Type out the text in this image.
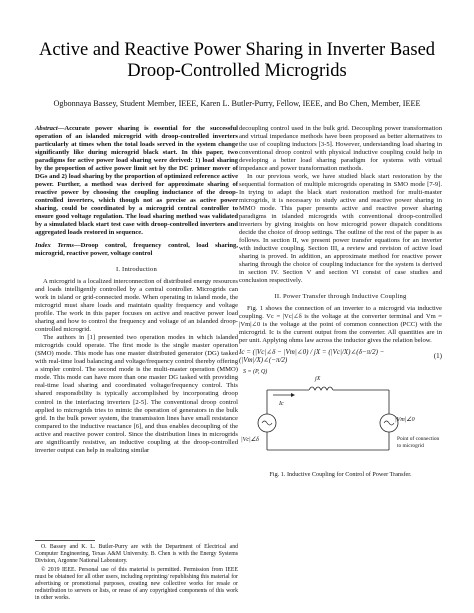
Active and Reactive Power Sharing in Inverter Based
Droop-Controlled Microgrids
Ogbonnaya Bassey, Student Member, IEEE, Karen L. Butler-Purry, Fellow, IEEE, and Bo Chen, Member, IEEE

Abstract—Accurate power sharing is essential for the successful operation of an islanded microgrid with droop-controlled inverters particularly at times when the total loads served in the system change significantly like during microgrid black start. In this paper, two paradigms for active power load sharing were derived: 1) load sharing by the proportion of active power limit set by the DC primer mover of DGs and 2) load sharing by the proportion of optimized reference active power. Further, a method was derived for approximate sharing of reactive power by choosing the coupling inductance of the droop-controlled inverters, which though not as precise as active power sharing, could be coordinated by a microgrid central controller to ensure good voltage regulation. The load sharing method was validated by a simulated black start test case with droop-controlled inverters and aggregated loads restored in sequence.

Index Terms—Droop control, frequency control, load sharing, microgrid, reactive power, voltage control

I. Introduction

A microgrid is a localized interconnection of distributed energy resources and loads intelligently controlled by a central controller. Microgrids can work in island or grid-connected mode. When operating in island mode, the microgrid must share loads and maintain quality frequency and voltage profile. The work in this paper focuses on active and reactive power load sharing and how to control the frequency and voltage of an islanded droop-controlled microgrid.

The authors in [1] presented two operation modes in which islanded microgrids could operate. The first mode is the single master operation (SMO) mode. This mode has one master distributed generator (DG) tasked with real-time load balancing and voltage/frequency control thereby offering a simpler control. The second mode is the multi-master operation (MMO) mode. This mode can have more than one master DG tasked with providing real-time load sharing and coordinated voltage/frequency control. This shared responsibility is typically accomplished by incorporating droop control in the interfacing inverters [2-5]. The conventional droop control applied to microgrids tries to mimic the operation of generators in the bulk grid. In the bulk power system, the transmission lines have small resistance compared to the inductive reactance [6], and thus enables decoupling of the active and reactive power control. Since the distribution lines in microgrids are significantly resistive, an inductive coupling at the droop-controlled inverter output can help in realizing similar

O. Bassey and K. L. Butler-Purry are with the Department of Electrical and Computer Engineering, Texas A&M University. B. Chen is with the Energy Systems Division, Argonne National Laboratory.

© 2019 IEEE. Personal use of this material is permitted. Permission from IEEE must be obtained for all other users, including reprinting/ republishing this material for advertising or promotional purposes, creating new collective works for resale or redistribution to servers or lists, or reuse of any copyrighted components of this work in other works.

decoupling control used in the bulk grid. Decoupling power transformation and virtual impedance methods have been proposed as better alternatives to the use of coupling inductors [3-5]. However, understanding load sharing in conventional droop control with physical inductive coupling could help in developing a better load sharing paradigm for systems with virtual impedance and power transformation methods.

In our previous work, we have studied black start restoration by the sequential formation of multiple microgrids operating in SMO mode [7-9]. In trying to adapt the black start restoration method for multi-master microgrids, it is necessary to study active and reactive power sharing in MMO mode. This paper presents active and reactive power sharing paradigms in islanded microgrids with conventional droop-controlled inverters by giving insights on how microgrid power dispatch conditions decide the choice of droop settings. The outline of the rest of the paper is as follows. In section II, we present power transfer equations for an inverter with inductive coupling. Section III, a review and revision of active load sharing is proved. In addition, an approximate method for reactive power sharing through the choice of coupling inductance for the system is derived in section IV. Section V and section VI consist of case studies and conclusion respectively.

II. Power Transfer through Inductive Coupling

Fig. 1 shows the connection of an inverter to a microgrid via inductive coupling. Vc = |Vc|∠δ is the voltage at the converter terminal and Vm = |Vm|∠0 is the voltage at the point of common connection (PCC) with the microgrid. Ic is the current output from the converter. All quantities are in per unit. Applying ohms law across the inductor gives the relation below.

Ic = (|Vc|∠δ − |Vm|∠0) / jX = (|Vc|/X)∠(δ−π/2) − (|Vm|/X)∠(−π/2)
(1)
S = (P, Q)
Ic
jX
|Vc|∠δ
|Vm|∠0
Point of connection to microgrid
Fig. 1. Inductive Coupling for Control of Power Transfer.
